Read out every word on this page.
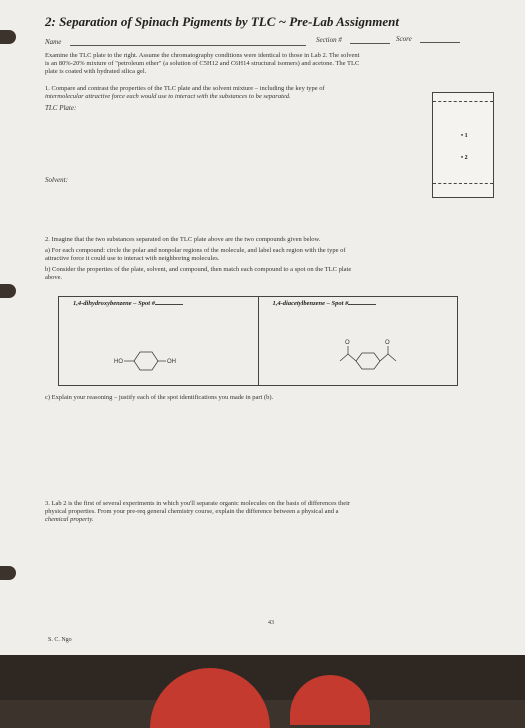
2: Separation of Spinach Pigments by TLC ~ Pre-Lab Assignment
Name	Section #	Score
Examine the TLC plate to the right. Assume the chromatography conditions were identical to those in Lab 2. The solvent
is an 80%-20% mixture of "petroleum ether" (a solution of C5H12 and C6H14 structural isomers) and acetone. The TLC
plate is coated with hydrated silica gel.
1. Compare and contrast the properties of the TLC plate and the solvent mixture – including the key type of
intermolecular attractive force each would use to interact with the substances to be separated.
TLC Plate:
Solvent:
• 1
• 2
2. Imagine that the two substances separated on the TLC plate above are the two compounds given below.
a) For each compound: circle the polar and nonpolar regions of the molecule, and label each region with the type of
attractive force it could use to interact with neighboring molecules.
b) Consider the properties of the plate, solvent, and compound, then match each compound to a spot on the TLC plate
above.
1,4-dihydroxybenzene – Spot #	1,4-diacetylbenzene – Spot #
HO	OH
O	O
c) Explain your reasoning – justify each of the spot identifications you made in part (b).
3. Lab 2 is the first of several experiments in which you'll separate organic molecules on the basis of differences their
physical properties. From your pre-req general chemistry course, explain the difference between a physical and a
chemical property.
43
S. C. Ngo
